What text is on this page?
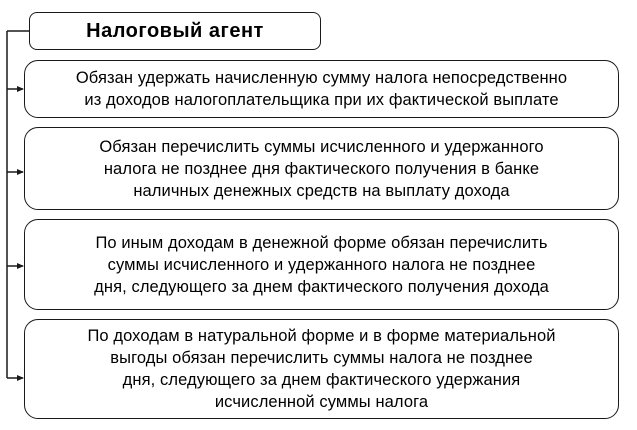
Налоговый агент
Обязан удержать начисленную сумму налога непосредственно
из доходов налогоплательщика при их фактической выплате
Обязан перечислить суммы исчисленного и удержанного
налога не позднее дня фактического получения в банке
наличных денежных средств на выплату дохода
По иным доходам в денежной форме обязан перечислить
суммы исчисленного и удержанного налога не позднее
дня, следующего за днем фактического получения дохода
По доходам в натуральной форме и в форме материальной
выгоды обязан перечислить суммы налога не позднее
дня, следующего за днем фактического удержания
исчисленной суммы налога
